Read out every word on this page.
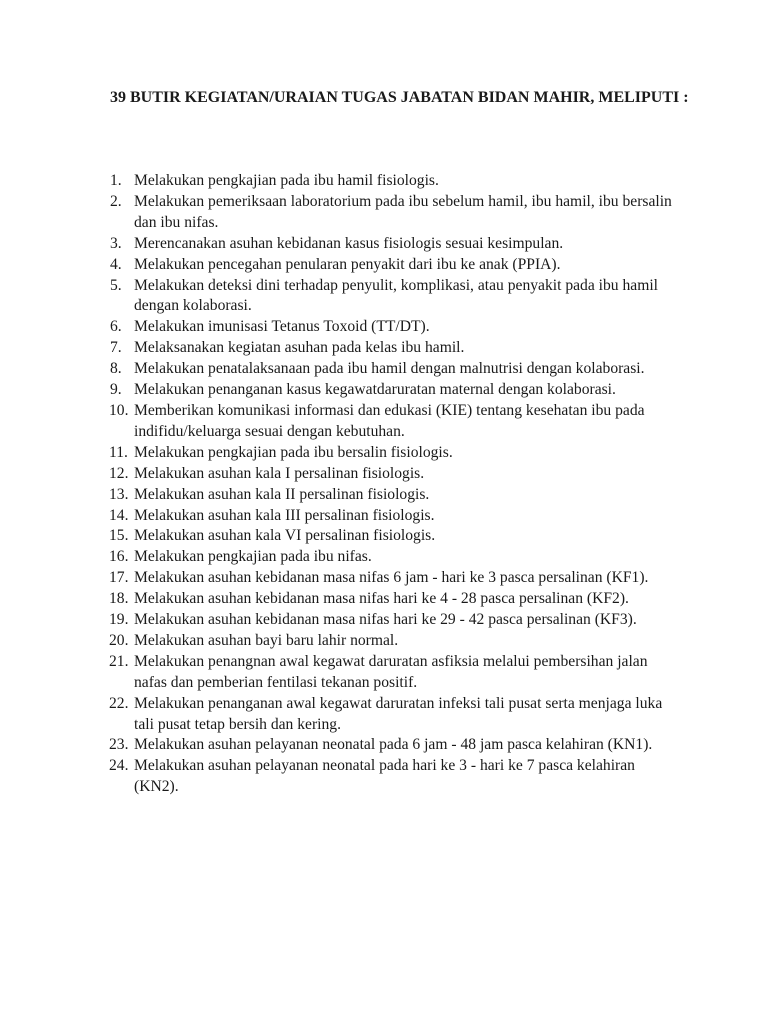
39 BUTIR KEGIATAN/URAIAN TUGAS JABATAN BIDAN MAHIR, MELIPUTI :
1. Melakukan pengkajian pada ibu hamil fisiologis.
2. Melakukan pemeriksaan laboratorium pada ibu sebelum hamil, ibu hamil, ibu bersalin dan ibu nifas.
3. Merencanakan asuhan kebidanan kasus fisiologis sesuai kesimpulan.
4. Melakukan pencegahan penularan penyakit dari ibu ke anak (PPIA).
5. Melakukan deteksi dini terhadap penyulit, komplikasi, atau penyakit pada ibu hamil dengan kolaborasi.
6. Melakukan imunisasi Tetanus Toxoid (TT/DT).
7. Melaksanakan kegiatan asuhan pada kelas ibu hamil.
8. Melakukan penatalaksanaan pada ibu hamil dengan malnutrisi dengan kolaborasi.
9. Melakukan penanganan kasus kegawatdaruratan maternal dengan kolaborasi.
10. Memberikan komunikasi informasi dan edukasi (KIE) tentang kesehatan ibu pada indifidu/keluarga sesuai dengan kebutuhan.
11. Melakukan pengkajian pada ibu bersalin fisiologis.
12. Melakukan asuhan kala I persalinan fisiologis.
13. Melakukan asuhan kala II persalinan fisiologis.
14. Melakukan asuhan kala III persalinan fisiologis.
15. Melakukan asuhan kala VI persalinan fisiologis.
16. Melakukan pengkajian pada ibu nifas.
17. Melakukan asuhan kebidanan masa nifas 6 jam - hari ke 3 pasca persalinan (KF1).
18. Melakukan asuhan kebidanan masa nifas hari ke 4 - 28 pasca persalinan (KF2).
19. Melakukan asuhan kebidanan masa nifas hari ke 29 - 42 pasca persalinan (KF3).
20. Melakukan asuhan bayi baru lahir normal.
21. Melakukan penangnan awal kegawat daruratan asfiksia melalui pembersihan jalan nafas dan pemberian fentilasi tekanan positif.
22. Melakukan penanganan awal kegawat daruratan infeksi tali pusat serta menjaga luka tali pusat tetap bersih dan kering.
23. Melakukan asuhan pelayanan neonatal pada 6 jam - 48 jam pasca kelahiran (KN1).
24. Melakukan asuhan pelayanan neonatal pada hari ke 3 - hari ke 7 pasca kelahiran (KN2).
